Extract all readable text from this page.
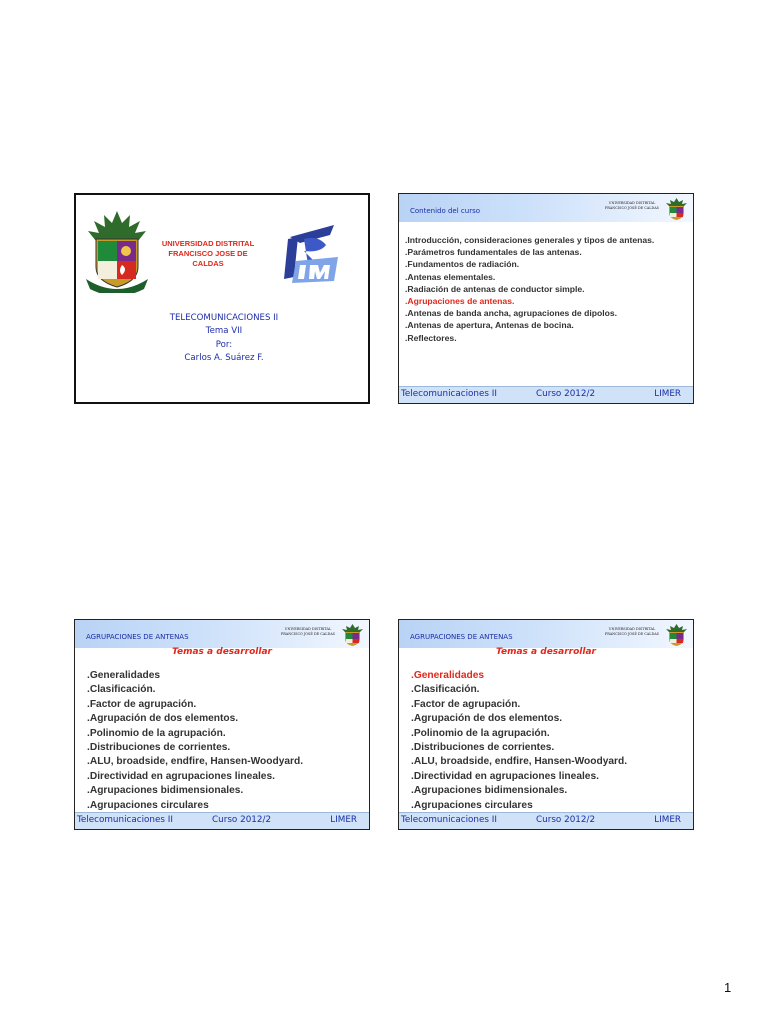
UNIVERSIDAD DISTRITAL
FRANCISCO JOSE DE
CALDAS
TELECOMUNICACIONES II
Tema VII
Por:
Carlos A. Suárez F.
Contenido del curso
UNIVERSIDAD DISTRITAL
FRANCISCO JOSÉ DE CALDAS
.Introducción, consideraciones generales y tipos de antenas.
.Parámetros fundamentales de las antenas.
.Fundamentos de radiación.
.Antenas elementales.
.Radiación de antenas de conductor simple.
.Agrupaciones de antenas.
.Antenas de banda ancha, agrupaciones de dipolos.
.Antenas de apertura, Antenas de bocina.
.Reflectores.
Telecomunicaciones II	Curso 2012/2	LIMER
AGRUPACIONES DE ANTENAS
UNIVERSIDAD DISTRITAL
FRANCISCO JOSÉ DE CALDAS
Temas a desarrollar
.Generalidades
.Clasificación.
.Factor de agrupación.
.Agrupación de dos elementos.
.Polinomio de la agrupación.
.Distribuciones de corrientes.
.ALU, broadside, endfire, Hansen-Woodyard.
.Directividad en agrupaciones lineales.
.Agrupaciones bidimensionales.
.Agrupaciones circulares
Telecomunicaciones II	Curso 2012/2	LIMER
AGRUPACIONES DE ANTENAS
UNIVERSIDAD DISTRITAL
FRANCISCO JOSÉ DE CALDAS
Temas a desarrollar
.Generalidades
.Clasificación.
.Factor de agrupación.
.Agrupación de dos elementos.
.Polinomio de la agrupación.
.Distribuciones de corrientes.
.ALU, broadside, endfire, Hansen-Woodyard.
.Directividad en agrupaciones lineales.
.Agrupaciones bidimensionales.
.Agrupaciones circulares
Telecomunicaciones II	Curso 2012/2	LIMER
1
